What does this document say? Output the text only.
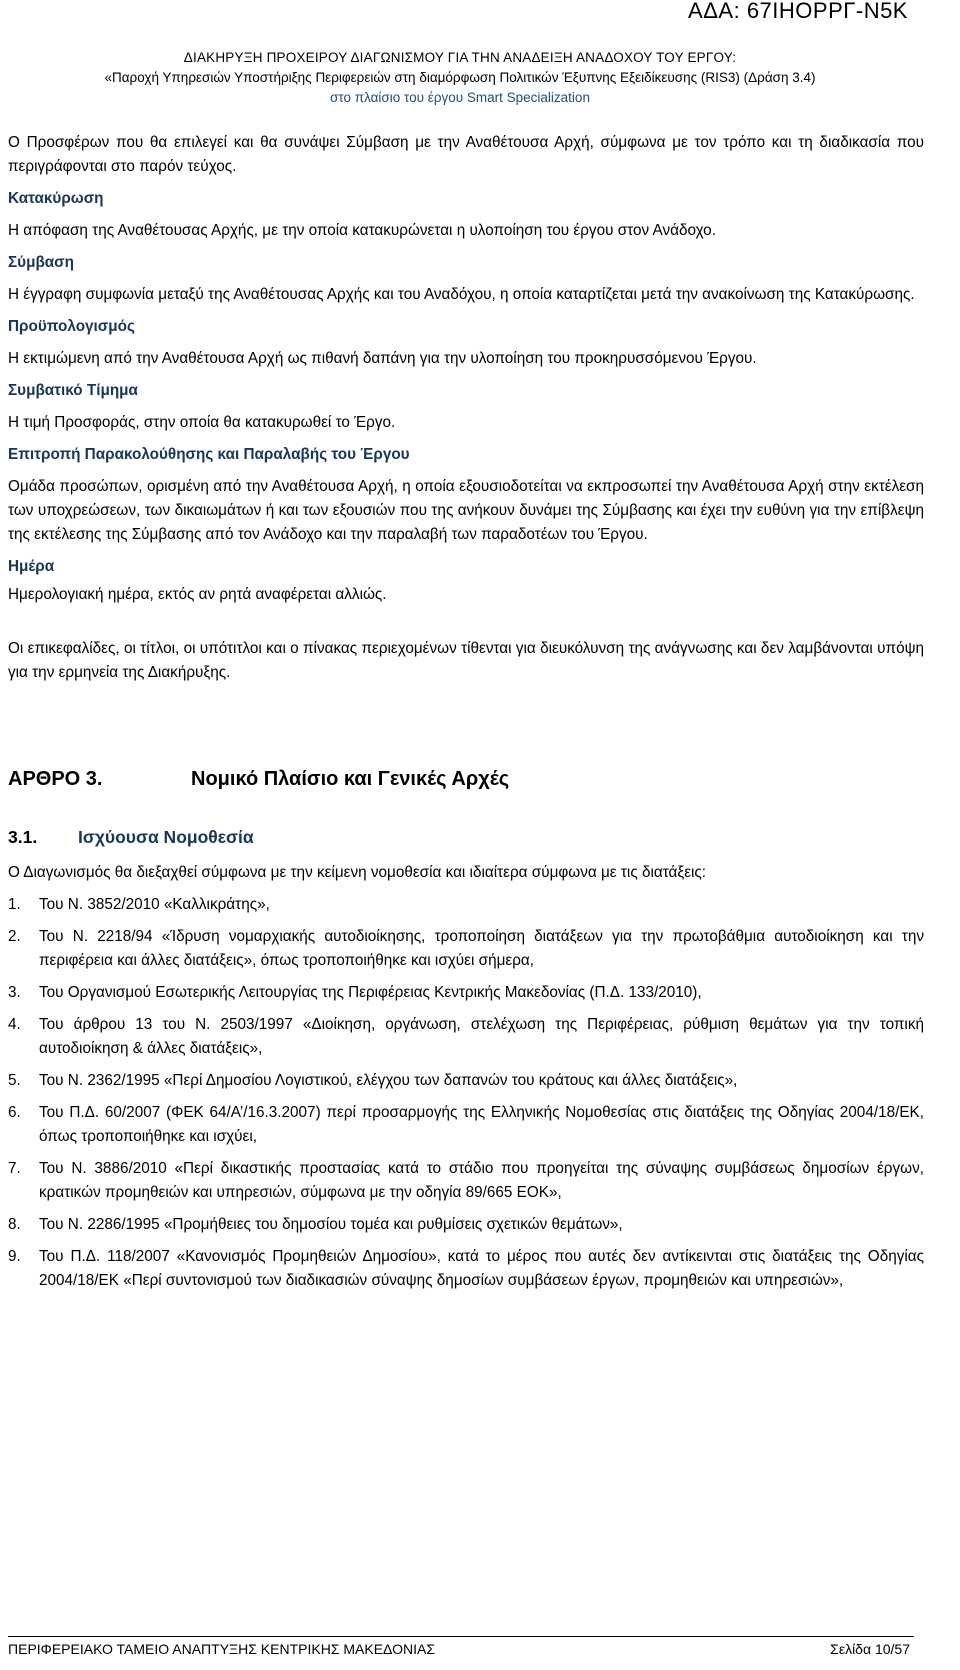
ΑΔΑ: 67ΙΗΟΡΡΓ-Ν5Κ
ΔΙΑΚΗΡΥΞΗ ΠΡΟΧΕΙΡΟΥ ΔΙΑΓΩΝΙΣΜΟΥ ΓΙΑ ΤΗΝ ΑΝΑΔΕΙΞΗ ΑΝΑΔΟΧΟΥ ΤΟΥ ΕΡΓΟΥ:
«Παροχή Υπηρεσιών Υποστήριξης Περιφερειών στη διαμόρφωση Πολιτικών Έξυπνης Εξειδίκευσης (RIS3) (Δράση 3.4)
στο πλαίσιο του έργου Smart Specialization

Ο Προσφέρων που θα επιλεγεί και θα συνάψει Σύμβαση με την Αναθέτουσα Αρχή, σύμφωνα με τον τρόπο και τη διαδικασία που περιγράφονται στο παρόν τεύχος.

Κατακύρωση

Η απόφαση της Αναθέτουσας Αρχής, με την οποία κατακυρώνεται η υλοποίηση του έργου στον Ανάδοχο.

Σύμβαση

Η έγγραφη συμφωνία μεταξύ της Αναθέτουσας Αρχής και του Αναδόχου, η οποία καταρτίζεται μετά την ανακοίνωση της Κατακύρωσης.

Προϋπολογισμός

Η εκτιμώμενη από την Αναθέτουσα Αρχή ως πιθανή δαπάνη για την υλοποίηση του προκηρυσσόμενου Έργου.

Συμβατικό Τίμημα

Η τιμή Προσφοράς, στην οποία θα κατακυρωθεί το Έργο.

Επιτροπή Παρακολούθησης και Παραλαβής του Έργου

Ομάδα προσώπων, ορισμένη από την Αναθέτουσα Αρχή, η οποία εξουσιοδοτείται να εκπροσωπεί την Αναθέτουσα Αρχή στην εκτέλεση των υποχρεώσεων, των δικαιωμάτων ή και των εξουσιών που της ανήκουν δυνάμει της Σύμβασης και έχει την ευθύνη για την επίβλεψη της εκτέλεσης της Σύμβασης από τον Ανάδοχο και την παραλαβή των παραδοτέων του Έργου.

Ημέρα

Ημερολογιακή ημέρα, εκτός αν ρητά αναφέρεται αλλιώς.

Οι επικεφαλίδες, οι τίτλοι, οι υπότιτλοι και ο πίνακας περιεχομένων τίθενται για διευκόλυνση της ανάγνωσης και δεν λαμβάνονται υπόψη για την ερμηνεία της Διακήρυξης.

ΑΡΘΡΟ 3.	Νομικό Πλαίσιο και Γενικές Αρχές
3.1.	Ισχύουσα Νομοθεσία

Ο Διαγωνισμός θα διεξαχθεί σύμφωνα με την κείμενη νομοθεσία και ιδιαίτερα σύμφωνα με τις διατάξεις:

1.	Του Ν. 3852/2010 «Καλλικράτης»,
2.	Του Ν. 2218/94 «Ίδρυση νομαρχιακής αυτοδιοίκησης, τροποποίηση διατάξεων για την πρωτοβάθμια αυτοδιοίκηση και την περιφέρεια και άλλες διατάξεις», όπως τροποποιήθηκε και ισχύει σήμερα,
3.	Του Οργανισμού Εσωτερικής Λειτουργίας της Περιφέρειας Κεντρικής Μακεδονίας (Π.Δ. 133/2010),
4.	Του άρθρου 13 του Ν. 2503/1997 «Διοίκηση, οργάνωση, στελέχωση της Περιφέρειας, ρύθμιση θεμάτων για την τοπική αυτοδιοίκηση & άλλες διατάξεις»,
5.	Του Ν. 2362/1995 «Περί Δημοσίου Λογιστικού, ελέγχου των δαπανών του κράτους και άλλες διατάξεις»,
6.	Του Π.Δ. 60/2007 (ΦΕΚ 64/Α’/16.3.2007) περί προσαρμογής της Ελληνικής Νομοθεσίας στις διατάξεις της Οδηγίας 2004/18/ΕΚ, όπως τροποποιήθηκε και ισχύει,
7.	Του Ν. 3886/2010 «Περί δικαστικής προστασίας κατά το στάδιο που προηγείται της σύναψης συμβάσεως δημοσίων έργων, κρατικών προμηθειών και υπηρεσιών, σύμφωνα με την οδηγία 89/665 ΕΟΚ»,
8.	Του Ν. 2286/1995 «Προμήθειες του δημοσίου τομέα και ρυθμίσεις σχετικών θεμάτων»,
9.	Του Π.Δ. 118/2007 «Κανονισμός Προμηθειών Δημοσίου», κατά το μέρος που αυτές δεν αντίκεινται στις διατάξεις της Οδηγίας 2004/18/ΕΚ «Περί συντονισμού των διαδικασιών σύναψης δημοσίων συμβάσεων έργων, προμηθειών και υπηρεσιών»,
ΠΕΡΙΦΕΡΕΙΑΚΟ ΤΑΜΕΙΟ ΑΝΑΠΤΥΞΗΣ ΚΕΝΤΡΙΚΗΣ ΜΑΚΕΔΟΝΙΑΣ	Σελίδα 10/57
